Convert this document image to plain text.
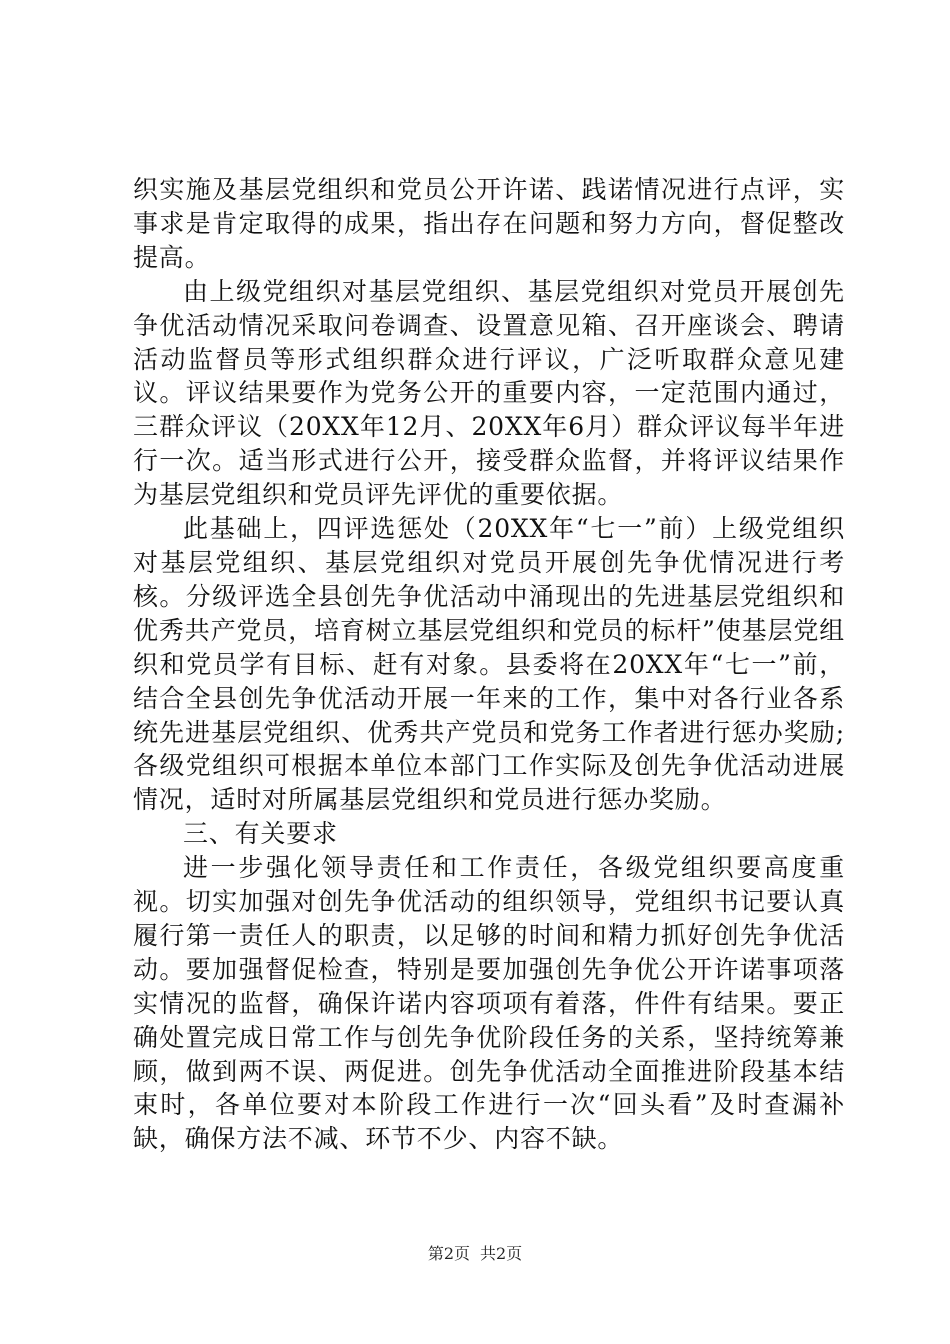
织实施及基层党组织和党员公开许诺、践诺情况进行点评，实事求是肯定取得的成果，指出存在问题和努力方向，督促整改提高。

由上级党组织对基层党组织、基层党组织对党员开展创先争优活动情况采取问卷调查、设置意见箱、召开座谈会、聘请活动监督员等形式组织群众进行评议，广泛听取群众意见建议。评议结果要作为党务公开的重要内容，一定范围内通过，三群众评议（20XX年12月、20XX年6月）群众评议每半年进行一次。适当形式进行公开，接受群众监督，并将评议结果作为基层党组织和党员评先评优的重要依据。

此基础上，四评选惩处（20XX年“七一”前）上级党组织对基层党组织、基层党组织对党员开展创先争优情况进行考核。分级评选全县创先争优活动中涌现出的先进基层党组织和优秀共产党员，培育树立基层党组织和党员的标杆”使基层党组织和党员学有目标、赶有对象。县委将在20XX年“七一”前，结合全县创先争优活动开展一年来的工作，集中对各行业各系统先进基层党组织、优秀共产党员和党务工作者进行惩办奖励;各级党组织可根据本单位本部门工作实际及创先争优活动进展情况，适时对所属基层党组织和党员进行惩办奖励。

三、有关要求

进一步强化领导责任和工作责任，各级党组织要高度重视。切实加强对创先争优活动的组织领导，党组织书记要认真履行第一责任人的职责，以足够的时间和精力抓好创先争优活动。要加强督促检查，特别是要加强创先争优公开许诺事项落实情况的监督，确保许诺内容项项有着落，件件有结果。要正确处置完成日常工作与创先争优阶段任务的关系，坚持统筹兼顾，做到两不误、两促进。创先争优活动全面推进阶段基本结束时，各单位要对本阶段工作进行一次“回头看”及时查漏补缺，确保方法不减、环节不少、内容不缺。

第2页 共2页
